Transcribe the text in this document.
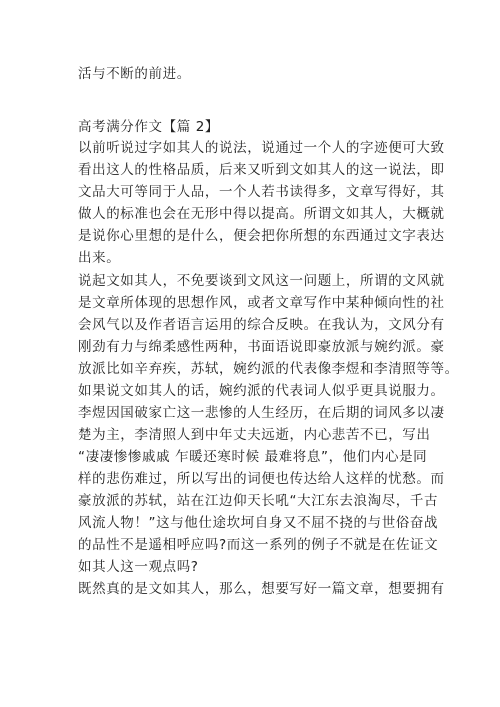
活与不断的前进。
高考满分作文【篇 2】
以前听说过字如其人的说法，说通过一个人的字迹便可大致
看出这人的性格品质，后来又听到文如其人的这一说法，即
文品大可等同于人品，一个人若书读得多，文章写得好，其
做人的标准也会在无形中得以提高。所谓文如其人，大概就
是说你心里想的是什么，便会把你所想的东西通过文字表达
出来。
说起文如其人，不免要谈到文风这一问题上，所谓的文风就
是文章所体现的思想作风，或者文章写作中某种倾向性的社
会风气以及作者语言运用的综合反映。在我认为，文风分有
刚劲有力与绵柔感性两种，书面语说即豪放派与婉约派。豪
放派比如辛弃疾，苏轼，婉约派的代表像李煜和李清照等等。
如果说文如其人的话，婉约派的代表词人似乎更具说服力。
李煜因国破家亡这一悲惨的人生经历，在后期的词风多以凄
楚为主，李清照人到中年丈夫远逝，内心悲苦不已，写出
“凄凄惨惨戚戚 乍暖还寒时候 最难将息”，他们内心是同
样的悲伤难过，所以写出的词便也传达给人这样的忧愁。而
豪放派的苏轼，站在江边仰天长吼“大江东去浪淘尽，千古
风流人物！”这与他仕途坎坷自身又不屈不挠的与世俗奋战
的品性不是遥相呼应吗?而这一系列的例子不就是在佐证文
如其人这一观点吗?
既然真的是文如其人，那么，想要写好一篇文章，想要拥有
